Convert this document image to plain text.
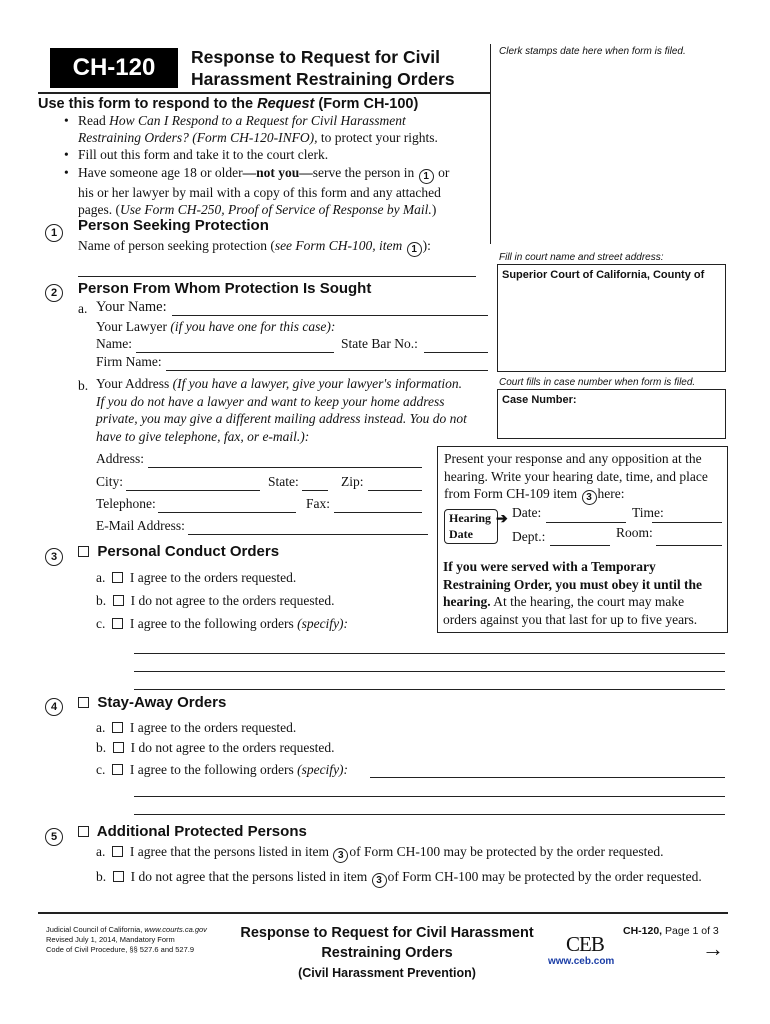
CH-120 Response to Request for Civil
Harassment Restraining Orders
Clerk stamps date here when form is filed.
Use this form to respond to the Request (Form CH-100)
• Read How Can I Respond to a Request for Civil Harassment
Restraining Orders? (Form CH-120-INFO), to protect your rights.
• Fill out this form and take it to the court clerk.
• Have someone age 18 or older—not you—serve the person in 1 or
his or her lawyer by mail with a copy of this form and any attached
pages. (Use Form CH-250, Proof of Service of Response by Mail.)
1	Person Seeking Protection
Name of person seeking protection (see Form CH-100, item 1 ):
Fill in court name and street address:
Superior Court of California, County of
Court fills in case number when form is filed.
Case Number:
2	Person From Whom Protection Is Sought
a. Your Name:
Your Lawyer (if you have one for this case):
Name:	State Bar No.:
Firm Name:
b. Your Address (If you have a lawyer, give your lawyer's information.
If you do not have a lawyer and want to keep your home address
private, you may give a different mailing address instead. You do not
have to give telephone, fax, or e-mail.):
Address:
City:	State:	Zip:
Telephone:	Fax:
E-Mail Address:
Present your response and any opposition at the
hearing. Write your hearing date, time, and place
from Form CH-109 item 3 here:
Hearing
Date
➔ Date:	Time:
Dept.:	Room:
If you were served with a Temporary
Restraining Order, you must obey it until the
hearing. At the hearing, the court may make
orders against you that last for up to five years.
3	Personal Conduct Orders
a. I agree to the orders requested.
b. I do not agree to the orders requested.
c. I agree to the following orders (specify):
4	Stay-Away Orders
a. I agree to the orders requested.
b. I do not agree to the orders requested.
c. I agree to the following orders (specify):
5	Additional Protected Persons
a. I agree that the persons listed in item 3 of Form CH-100 may be protected by the order requested.
b. I do not agree that the persons listed in item 3 of Form CH-100 may be protected by the order requested.
Judicial Council of California, www.courts.ca.gov
Revised July 1, 2014, Mandatory Form
Code of Civil Procedure, §§ 527.6 and 527.9
Response to Request for Civil Harassment
Restraining Orders
(Civil Harassment Prevention)
CEB
www.ceb.com
CH-120, Page 1 of 3
→
